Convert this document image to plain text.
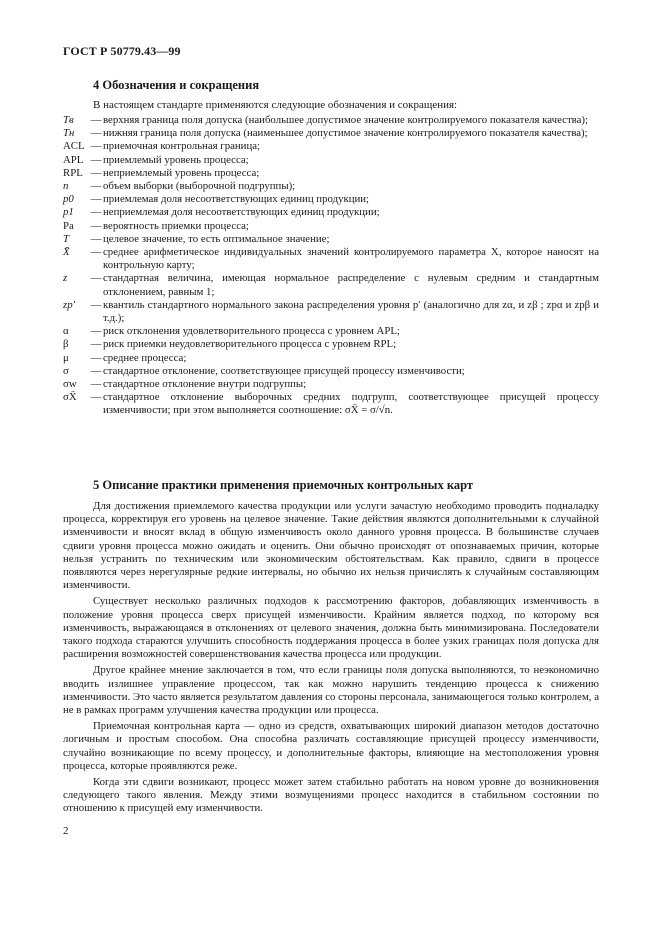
ГОСТ Р 50779.43—99
4 Обозначения и сокращения
В настоящем стандарте применяются следующие обозначения и сокращения:
Tв	— верхняя граница поля допуска (наибольшее допустимое значение контролируемого показателя качества);
Tн	— нижняя граница поля допуска (наименьшее допустимое значение контролируемого показателя качества);
ACL — приемочная контрольная граница;
APL — приемлемый уровень процесса;
RPL — неприемлемый уровень процесса;
n	— объем выборки (выборочной подгруппы);
p0	— приемлемая доля несоответствующих единиц продукции;
p1	— неприемлемая доля несоответствующих единиц продукции;
Pa	— вероятность приемки процесса;
T	— целевое значение, то есть оптимальное значение;
X̄	— среднее арифметическое индивидуальных значений контролируемого параметра X, которое наносят на контрольную карту;
z	— стандартная величина, имеющая нормальное распределение с нулевым средним и стандартным отклонением, равным 1;
zp′	— квантиль стандартного нормального закона распределения уровня p′ (аналогично для zα, и zβ ; zpα и zpβ и т.д.);
α	— риск отклонения удовлетворительного процесса с уровнем APL;
β	— риск приемки неудовлетворительного процесса с уровнем RPL;
μ	— среднее процесса;
σ	— стандартное отклонение, соответствующее присущей процессу изменчивости;
σw	— стандартное отклонение внутри подгруппы;
σX̄	— стандартное отклонение выборочных средних подгрупп, соответствующее присущей процессу изменчивости; при этом выполняется соотношение: σX̄ = σ/√n.
5 Описание практики применения приемочных контрольных карт

Для достижения приемлемого качества продукции или услуги зачастую необходимо проводить подналадку процесса, корректируя его уровень на целевое значение. Такие действия являются дополнительными к случайной изменчивости и вносят вклад в общую изменчивость около данного уровня процесса. В большинстве случаев сдвиги уровня процесса можно ожидать и оценить. Они обычно происходят от опознаваемых причин, которые нельзя устранить по техническим или экономическим обстоятельствам. Как правило, сдвиги в процессе появляются через нерегулярные редкие интервалы, но обычно их нельзя причислять к случайным составляющим изменчивости.

Существует несколько различных подходов к рассмотрению факторов, добавляющих изменчивость в положение уровня процесса сверх присущей изменчивости. Крайним является подход, по которому вся изменчивость, выражающаяся в отклонениях от целевого значения, должна быть минимизирована. Последователи такого подхода стараются улучшить способность поддержания процесса в более узких границах поля допуска для расширения возможностей совершенствования качества процесса или продукции.

Другое крайнее мнение заключается в том, что если границы поля допуска выполняются, то неэкономично вводить излишнее управление процессом, так как можно нарушить тенденцию процесса к снижению изменчивости. Это часто является результатом давления со стороны персонала, занимающегося только контролем, а не в рамках программ улучшения качества продукции или процесса.

Приемочная контрольная карта — одно из средств, охватывающих широкий диапазон методов достаточно логичным и простым способом. Она способна различать составляющие присущей процессу изменчивости, случайно возникающие по всему процессу, и дополнительные факторы, влияющие на местоположения уровня процесса, которые проявляются реже.

Когда эти сдвиги возникают, процесс может затем стабильно работать на новом уровне до возникновения следующего такого явления. Между этими возмущениями процесс находится в стабильном состоянии по отношению к присущей ему изменчивости.

2
